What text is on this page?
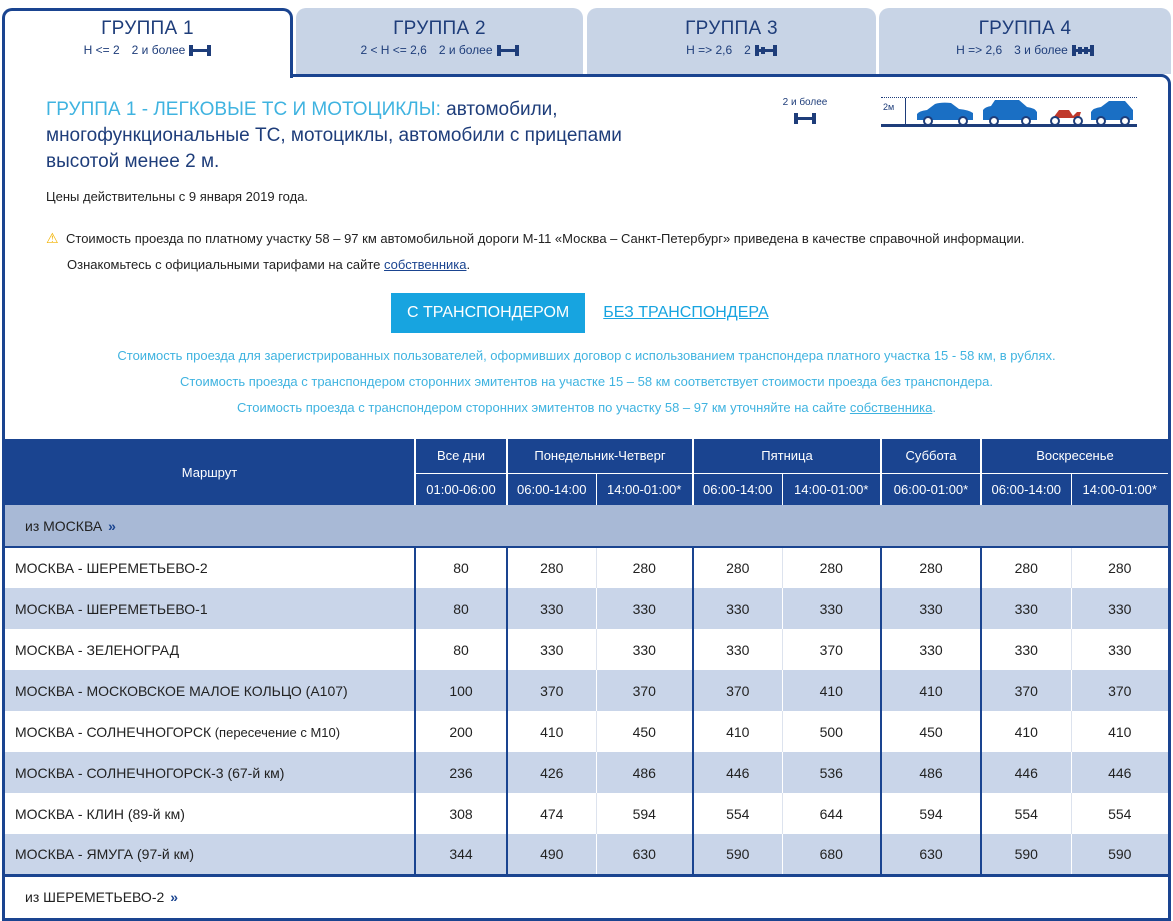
ГРУППА 1
H <= 2 2 и более
ГРУППА 2
2 < H <= 2,6 2 и более
ГРУППА 3
H => 2,6 2
ГРУППА 4
H => 2,6 3 и более
ГРУППА 1 - ЛЕГКОВЫЕ ТС И МОТОЦИКЛЫ: автомобили, многофункциональные ТС, мотоциклы, автомобили с прицепами высотой менее 2 м.
2 и более	2м
Цены действительны с 9 января 2019 года.
⚠ Стоимость проезда по платному участку 58 – 97 км автомобильной дороги М-11 «Москва – Санкт-Петербург» приведена в качестве справочной информации.
Ознакомьтесь с официальными тарифами на сайте собственника.
С ТРАНСПОНДЕРОМ	БЕЗ ТРАНСПОНДЕРА
Стоимость проезда для зарегистрированных пользователей, оформивших договор с использованием транспондера платного участка 15 - 58 км, в рублях.
Стоимость проезда с транспондером сторонних эмитентов на участке 15 – 58 км соответствует стоимости проезда без транспондера.
Стоимость проезда с транспондером сторонних эмитентов по участку 58 – 97 км уточняйте на сайте собственника.
Маршрут	Все дни	Понедельник-Четверг		Пятница		Суббота	Воскресенье	
	01:00-06:00	06:00-14:00	14:00-01:00*	06:00-14:00	14:00-01:00*	06:00-01:00*	06:00-14:00	14:00-01:00*
из МОСКВА »								
МОСКВА - ШЕРЕМЕТЬЕВО-2	80	280	280	280	280	280	280	280
МОСКВА - ШЕРЕМЕТЬЕВО-1	80	330	330	330	330	330	330	330
МОСКВА - ЗЕЛЕНОГРАД	80	330	330	330	370	330	330	330
МОСКВА - МОСКОВСКОЕ МАЛОЕ КОЛЬЦО (А107)	100	370	370	370	410	410	370	370
МОСКВА - СОЛНЕЧНОГОРСК (пересечение с М10)	200	410	450	410	500	450	410	410
МОСКВА - СОЛНЕЧНОГОРСК-3 (67-й км)	236	426	486	446	536	486	446	446
МОСКВА - КЛИН (89-й км)	308	474	594	554	644	594	554	554
МОСКВА - ЯМУГА (97-й км)	344	490	630	590	680	630	590	590
из ШЕРЕМЕТЬЕВО-2 »								
